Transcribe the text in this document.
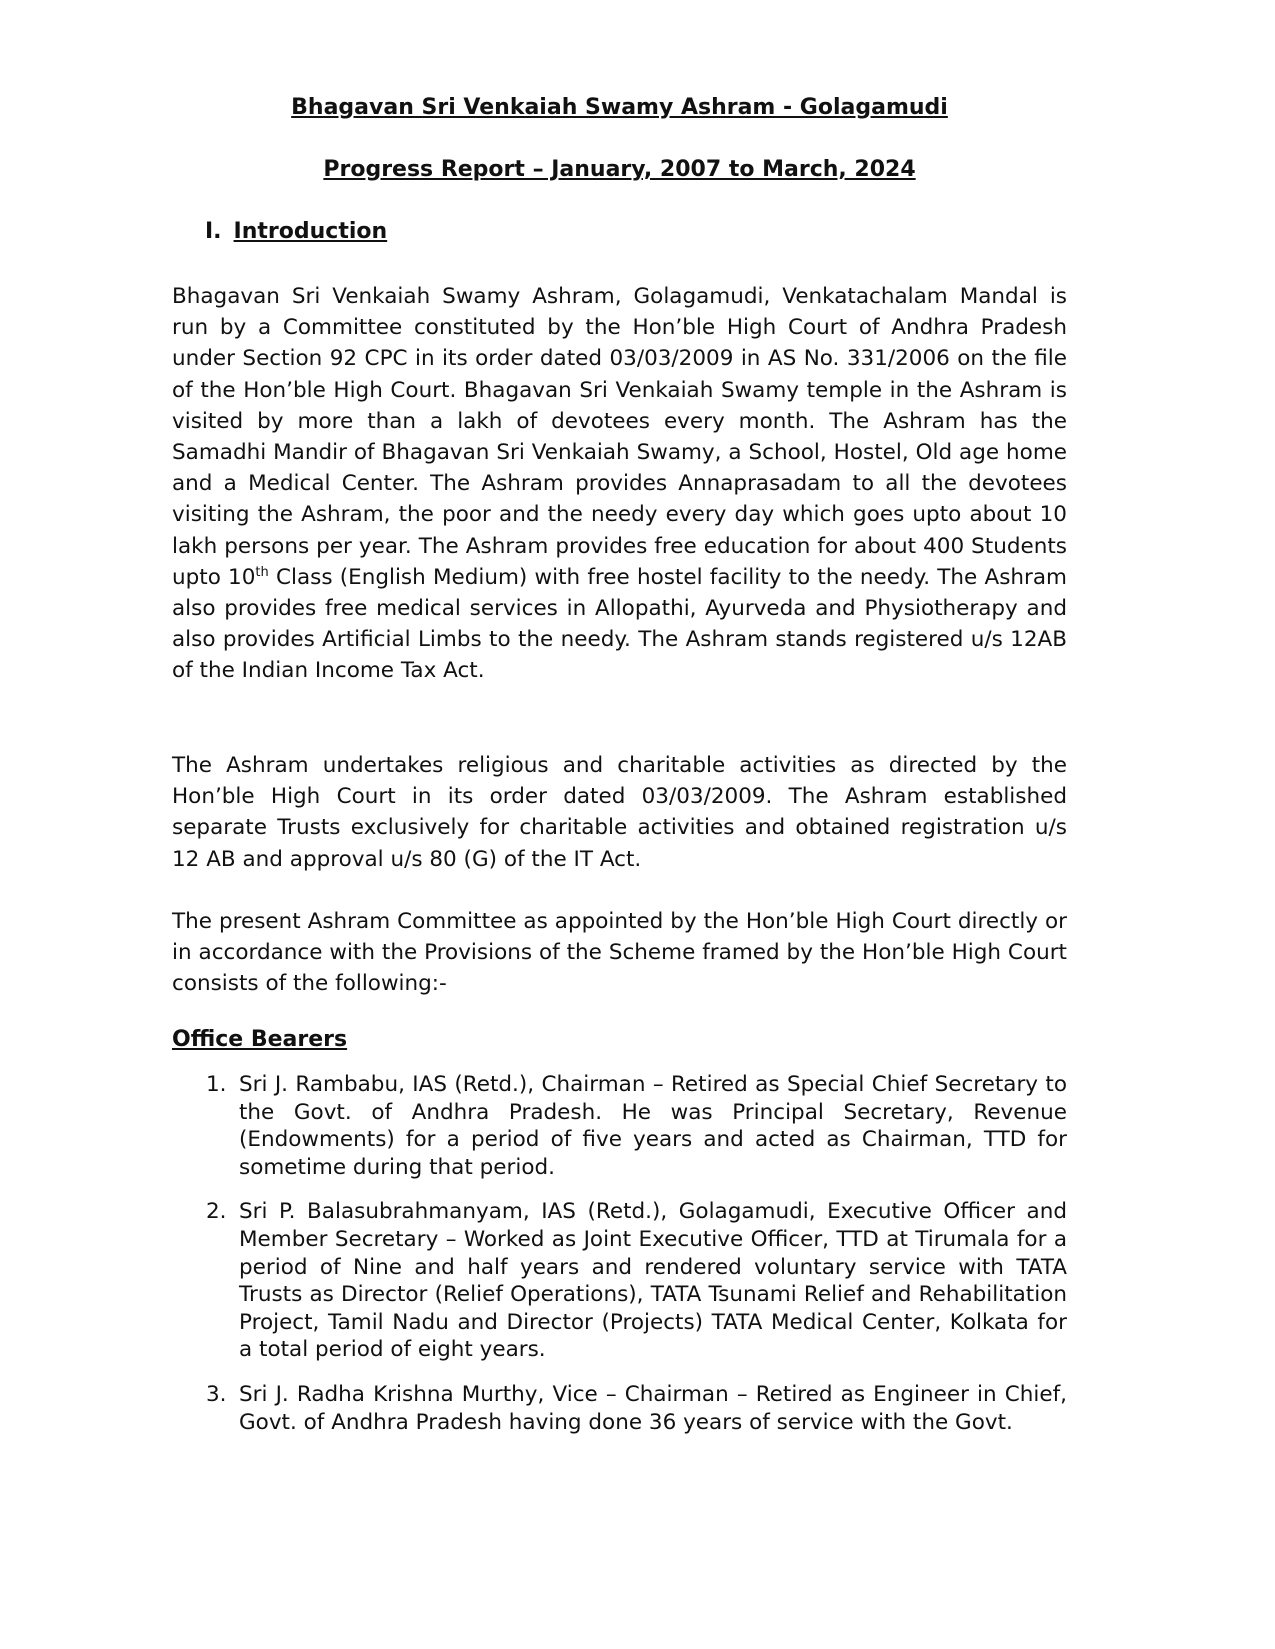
Bhagavan Sri Venkaiah Swamy Ashram - Golagamudi
Progress Report – January, 2007 to March, 2024
I. Introduction
Bhagavan Sri Venkaiah Swamy Ashram, Golagamudi, Venkatachalam Mandal is run by a Committee constituted by the Hon’ble High Court of Andhra Pradesh under Section 92 CPC in its order dated 03/03/2009 in AS No. 331/2006 on the file of the Hon’ble High Court. Bhagavan Sri Venkaiah Swamy temple in the Ashram is visited by more than a lakh of devotees every month. The Ashram has the Samadhi Mandir of Bhagavan Sri Venkaiah Swamy, a School, Hostel, Old age home and a Medical Center. The Ashram provides Annaprasadam to all the devotees visiting the Ashram, the poor and the needy every day which goes upto about 10 lakh persons per year. The Ashram provides free education for about 400 Students upto 10th Class (English Medium) with free hostel facility to the needy. The Ashram also provides free medical services in Allopathi, Ayurveda and Physiotherapy and also provides Artificial Limbs to the needy. The Ashram stands registered u/s 12AB of the Indian Income Tax Act.
The Ashram undertakes religious and charitable activities as directed by the Hon’ble High Court in its order dated 03/03/2009. The Ashram established separate Trusts exclusively for charitable activities and obtained registration u/s 12 AB and approval u/s 80 (G) of the IT Act.
The present Ashram Committee as appointed by the Hon’ble High Court directly or in accordance with the Provisions of the Scheme framed by the Hon’ble High Court consists of the following:-
Office Bearers
1. Sri J. Rambabu, IAS (Retd.), Chairman – Retired as Special Chief Secretary to the Govt. of Andhra Pradesh. He was Principal Secretary, Revenue (Endowments) for a period of five years and acted as Chairman, TTD for sometime during that period.
2. Sri P. Balasubrahmanyam, IAS (Retd.), Golagamudi, Executive Officer and Member Secretary – Worked as Joint Executive Officer, TTD at Tirumala for a period of Nine and half years and rendered voluntary service with TATA Trusts as Director (Relief Operations), TATA Tsunami Relief and Rehabilitation Project, Tamil Nadu and Director (Projects) TATA Medical Center, Kolkata for a total period of eight years.
3. Sri J. Radha Krishna Murthy, Vice – Chairman – Retired as Engineer in Chief, Govt. of Andhra Pradesh having done 36 years of service with the Govt.
